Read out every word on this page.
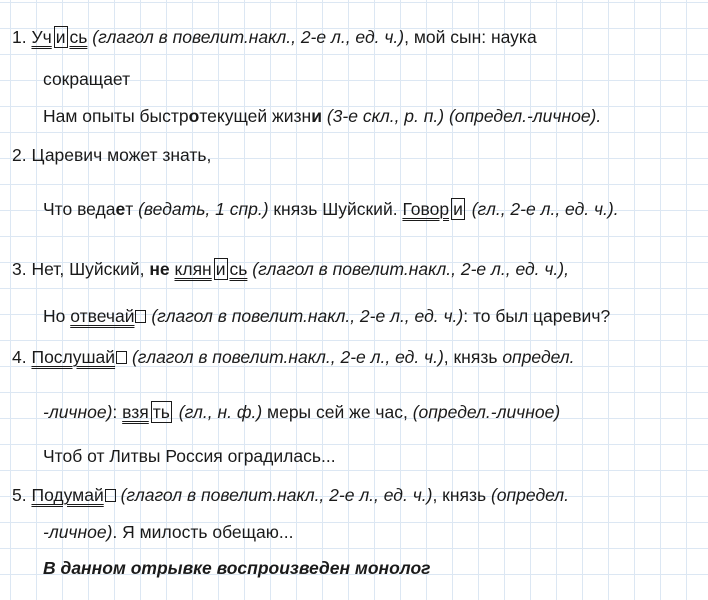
1. Уч и сь (глагол в повелит.накл., 2-е л., ед. ч.), мой сын: наука
сокращает
Нам опыты быстротекущей жизни (3-е скл., р. п.) (определ.-личное).
2. Царевич может знать,
Что ведает (ведать, 1 спр.) князь Шуйский. Говор и (гл., 2-е л., ед. ч.).
3. Нет, Шуйский, не клян и сь (глагол в повелит.накл., 2-е л., ед. ч.),
Но отвечай (глагол в повелит.накл., 2-е л., ед. ч.): то был царевич?
4. Послушай (глагол в повелит.накл., 2-е л., ед. ч.), князь определ.
-личное): взя ть (гл., н. ф.) меры сей же час, (определ.-личное)
Чтоб от Литвы Россия оградилась...
5. Подумай (глагол в повелит.накл., 2-е л., ед. ч.), князь (определ.
-личное). Я милость обещаю...
В данном отрывке воспроизведен монолог
